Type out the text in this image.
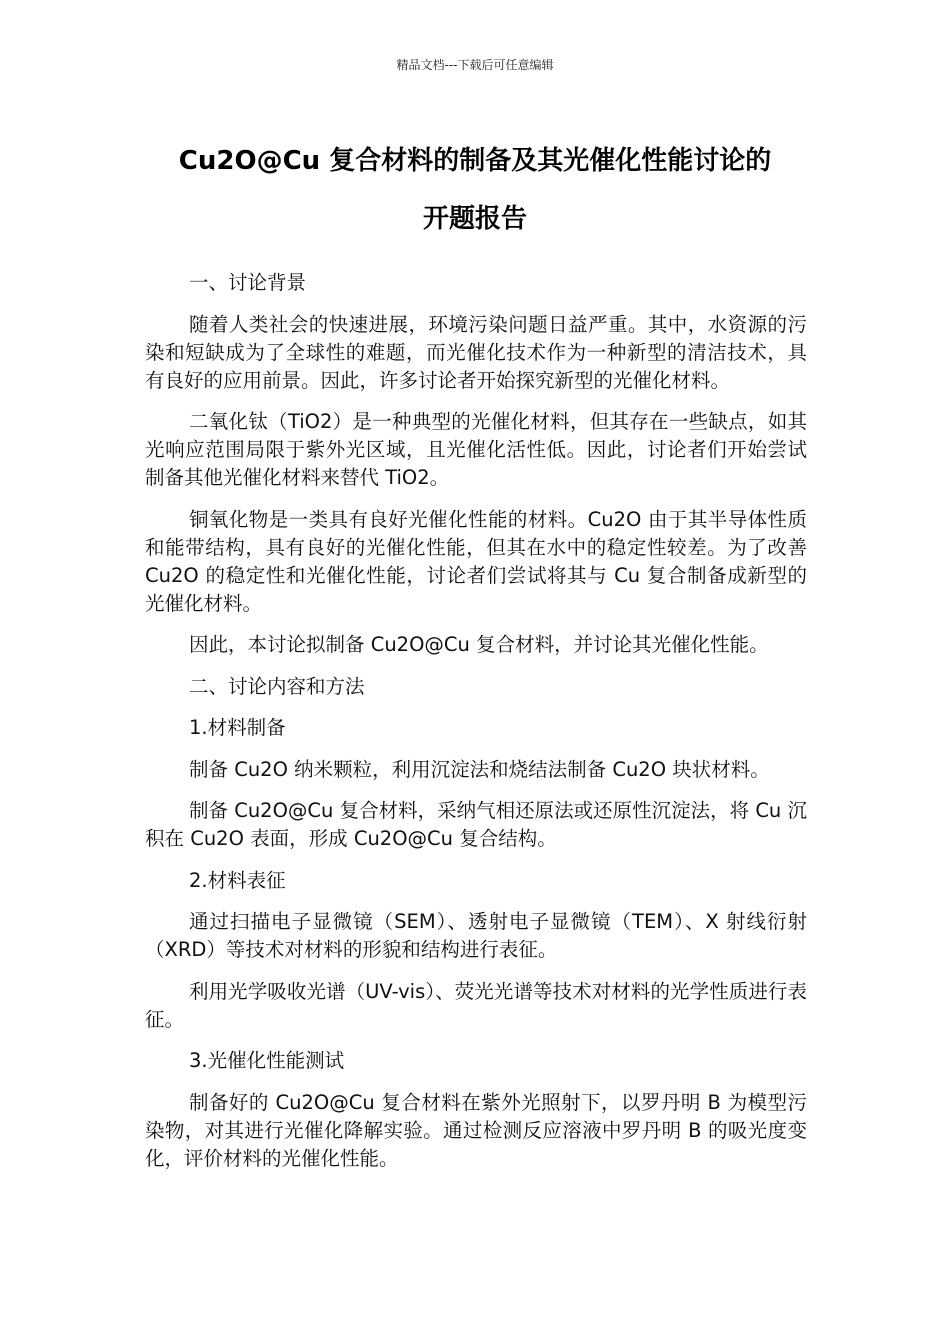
精品文档---下载后可任意编辑
Cu2O@Cu 复合材料的制备及其光催化性能讨论的
开题报告

一、讨论背景

随着人类社会的快速进展，环境污染问题日益严重。其中，水资源的污染和短缺成为了全球性的难题，而光催化技术作为一种新型的清洁技术，具有良好的应用前景。因此，许多讨论者开始探究新型的光催化材料。

二氧化钛（TiO2）是一种典型的光催化材料，但其存在一些缺点，如其光响应范围局限于紫外光区域，且光催化活性低。因此，讨论者们开始尝试制备其他光催化材料来替代 TiO2。

铜氧化物是一类具有良好光催化性能的材料。Cu2O 由于其半导体性质和能带结构，具有良好的光催化性能，但其在水中的稳定性较差。为了改善 Cu2O 的稳定性和光催化性能，讨论者们尝试将其与 Cu 复合制备成新型的光催化材料。

因此，本讨论拟制备 Cu2O@Cu 复合材料，并讨论其光催化性能。

二、讨论内容和方法

1.材料制备

制备 Cu2O 纳米颗粒，利用沉淀法和烧结法制备 Cu2O 块状材料。

制备 Cu2O@Cu 复合材料，采纳气相还原法或还原性沉淀法，将 Cu 沉积在 Cu2O 表面，形成 Cu2O@Cu 复合结构。

2.材料表征

通过扫描电子显微镜（SEM）、透射电子显微镜（TEM）、X 射线衍射（XRD）等技术对材料的形貌和结构进行表征。

利用光学吸收光谱（UV-vis）、荧光光谱等技术对材料的光学性质进行表征。

3.光催化性能测试

制备好的 Cu2O@Cu 复合材料在紫外光照射下，以罗丹明 B 为模型污染物，对其进行光催化降解实验。通过检测反应溶液中罗丹明 B 的吸光度变化，评价材料的光催化性能。
